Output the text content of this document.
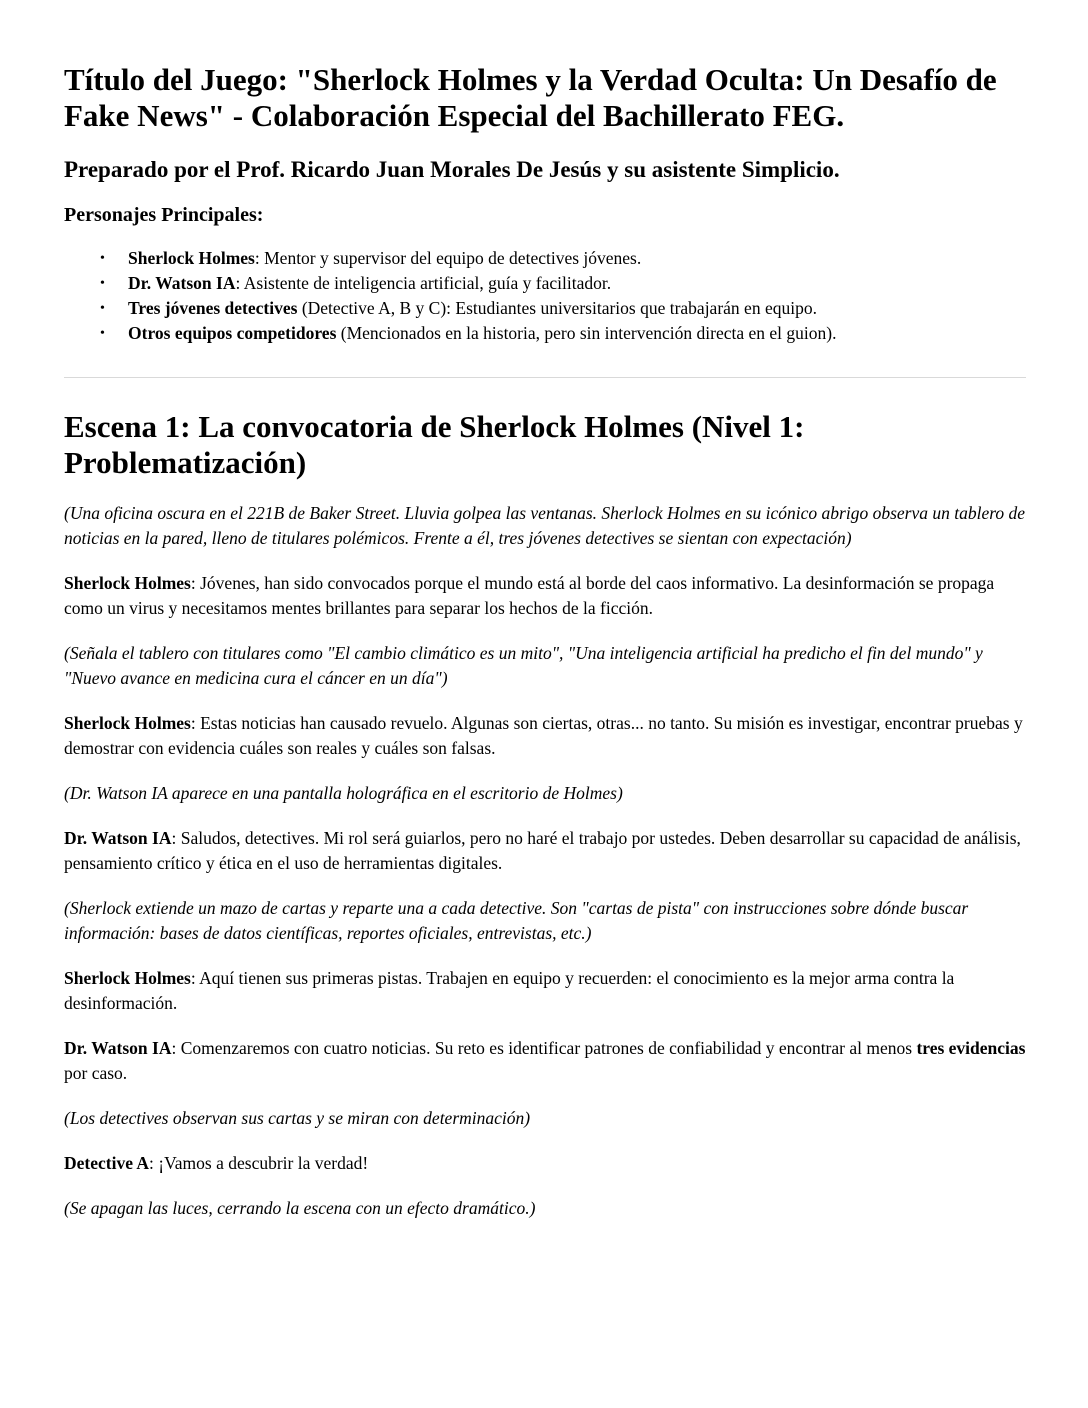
Título del Juego: "Sherlock Holmes y la Verdad Oculta: Un Desafío de Fake News" - Colaboración Especial del Bachillerato FEG.
Preparado por el Prof. Ricardo Juan Morales De Jesús y su asistente Simplicio.
Personajes Principales:
• Sherlock Holmes: Mentor y supervisor del equipo de detectives jóvenes.
• Dr. Watson IA: Asistente de inteligencia artificial, guía y facilitador.
• Tres jóvenes detectives (Detective A, B y C): Estudiantes universitarios que trabajarán en equipo.
• Otros equipos competidores (Mencionados en la historia, pero sin intervención directa en el guion).
Escena 1: La convocatoria de Sherlock Holmes (Nivel 1: Problematización)

(Una oficina oscura en el 221B de Baker Street. Lluvia golpea las ventanas. Sherlock Holmes en su icónico abrigo observa un tablero de noticias en la pared, lleno de titulares polémicos. Frente a él, tres jóvenes detectives se sientan con expectación)

Sherlock Holmes: Jóvenes, han sido convocados porque el mundo está al borde del caos informativo. La desinformación se propaga como un virus y necesitamos mentes brillantes para separar los hechos de la ficción.

(Señala el tablero con titulares como "El cambio climático es un mito", "Una inteligencia artificial ha predicho el fin del mundo" y "Nuevo avance en medicina cura el cáncer en un día")

Sherlock Holmes: Estas noticias han causado revuelo. Algunas son ciertas, otras... no tanto. Su misión es investigar, encontrar pruebas y demostrar con evidencia cuáles son reales y cuáles son falsas.

(Dr. Watson IA aparece en una pantalla holográfica en el escritorio de Holmes)

Dr. Watson IA: Saludos, detectives. Mi rol será guiarlos, pero no haré el trabajo por ustedes. Deben desarrollar su capacidad de análisis, pensamiento crítico y ética en el uso de herramientas digitales.

(Sherlock extiende un mazo de cartas y reparte una a cada detective. Son "cartas de pista" con instrucciones sobre dónde buscar información: bases de datos científicas, reportes oficiales, entrevistas, etc.)

Sherlock Holmes: Aquí tienen sus primeras pistas. Trabajen en equipo y recuerden: el conocimiento es la mejor arma contra la desinformación.

Dr. Watson IA: Comenzaremos con cuatro noticias. Su reto es identificar patrones de confiabilidad y encontrar al menos tres evidencias por caso.

(Los detectives observan sus cartas y se miran con determinación)

Detective A: ¡Vamos a descubrir la verdad!

(Se apagan las luces, cerrando la escena con un efecto dramático.)
